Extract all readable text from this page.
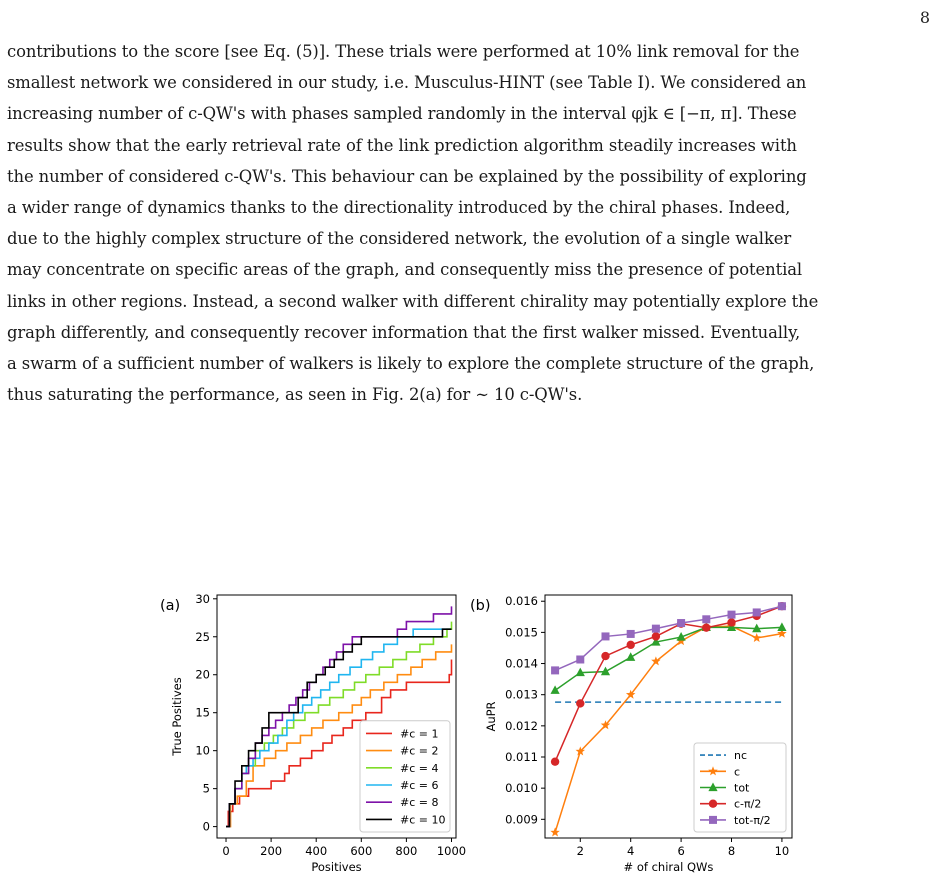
8
contributions to the score [see Eq. (5)]. These trials were performed at 10% link removal for the
smallest network we considered in our study, i.e. Musculus-HINT (see Table I). We considered an
increasing number of c-QW's with phases sampled randomly in the interval φjk ∈ [−π, π]. These
results show that the early retrieval rate of the link prediction algorithm steadily increases with
the number of considered c-QW's. This behaviour can be explained by the possibility of exploring
a wider range of dynamics thanks to the directionality introduced by the chiral phases. Indeed,
due to the highly complex structure of the considered network, the evolution of a single walker
may concentrate on specific areas of the graph, and consequently miss the presence of potential
links in other regions. Instead, a second walker with different chirality may potentially explore the
graph differently, and consequently recover information that the first walker missed. Eventually,
a swarm of a sufficient number of walkers is likely to explore the complete structure of the graph,
thus saturating the performance, as seen in Fig. 2(a) for ∼ 10 c-QW's.
0	200 400 600 800 1000
0
5
10
15
20
25
30
Positives
True Positives
(a)
#c = 1
#c = 2
#c = 4
#c = 6
#c = 8
#c = 10
2	4	6	8	10
0.009
0.010
0.011
0.012
0.013
0.014
0.015
0.016
# of chiral QWs
AuPR
(b)
nc
c
tot
c-π/2
tot-π/2
